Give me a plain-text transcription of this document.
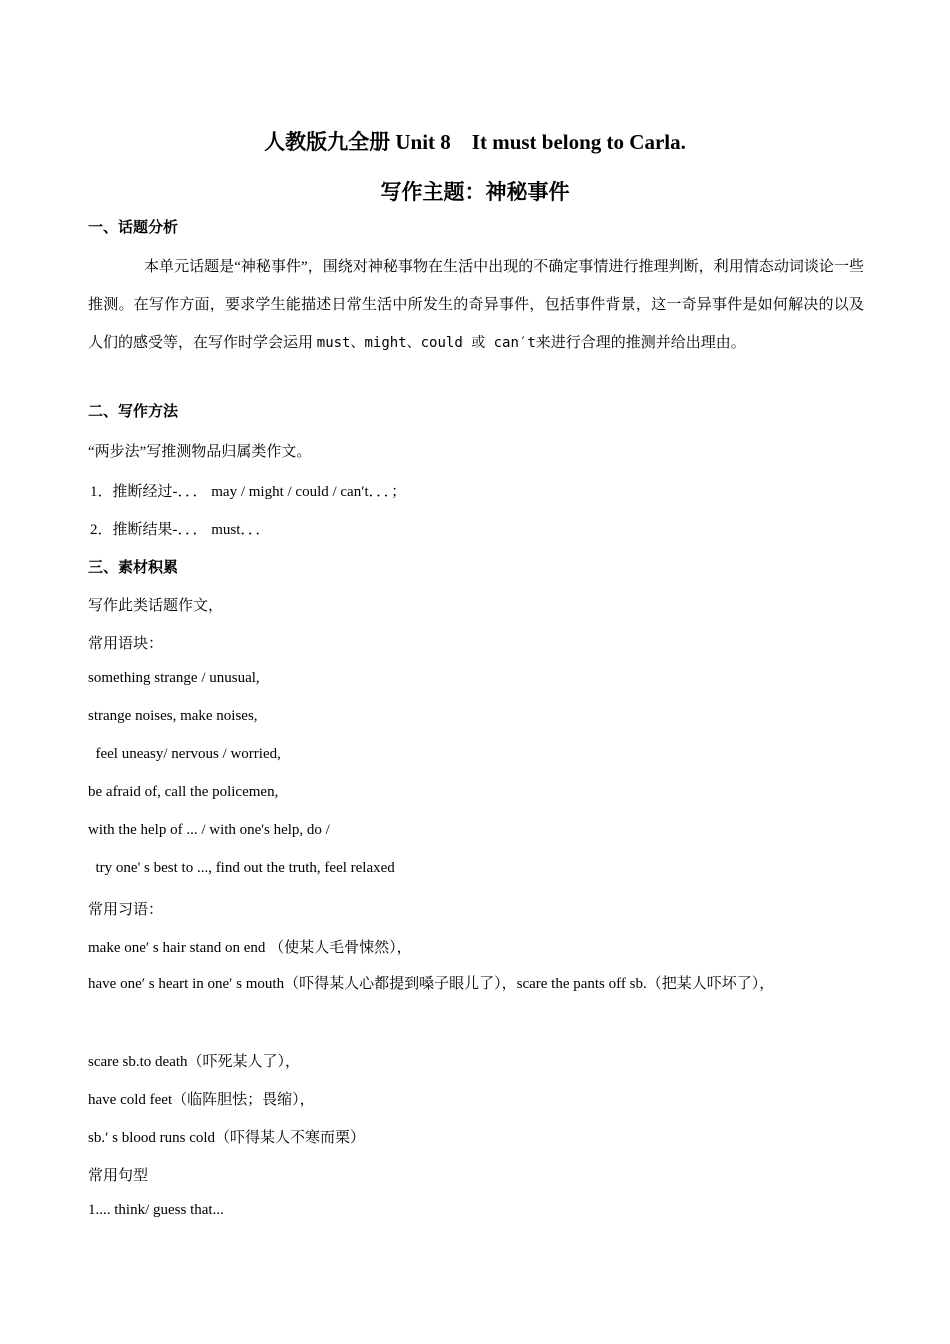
人教版九全册 Unit 8　It must belong to Carla.
写作主题：神秘事件
一、话题分析
本单元话题是“神秘事件”，围绕对神秘事物在生活中出现的不确定事情进行推理判断，利用情态动词谈论一些推测。在写作方面，要求学生能描述日常生活中所发生的奇异事件，包括事件背景，这一奇异事件是如何解决的以及人们的感受等，在写作时学会运用 must、might、could 或 can′t来进行合理的推测并给出理由。
二、写作方法
“两步法”写推测物品归属类作文。
1．推断经过-．．． may / might / could / can′t．．．；
2．推断结果-．．． must．．．
三、素材积累
写作此类话题作文，
常用语块：
something strange / unusual,
strange noises, make noises,
feel uneasy/ nervous / worried,
be afraid of, call the policemen,
with the help of ... / with one's help, do /
try one' s best to ..., find out the truth, feel relaxed
常用习语：
make one′ s hair stand on end （使某人毛骨悚然），
have one′ s heart in one′ s mouth（吓得某人心都提到嗓子眼儿了），scare the pants off sb.（把某人吓坏了），
scare sb.to death（吓死某人了），
have cold feet（临阵胆怯；畏缩），
sb.′ s blood runs cold（吓得某人不寒而栗）
常用句型
1.... think/ guess that...
